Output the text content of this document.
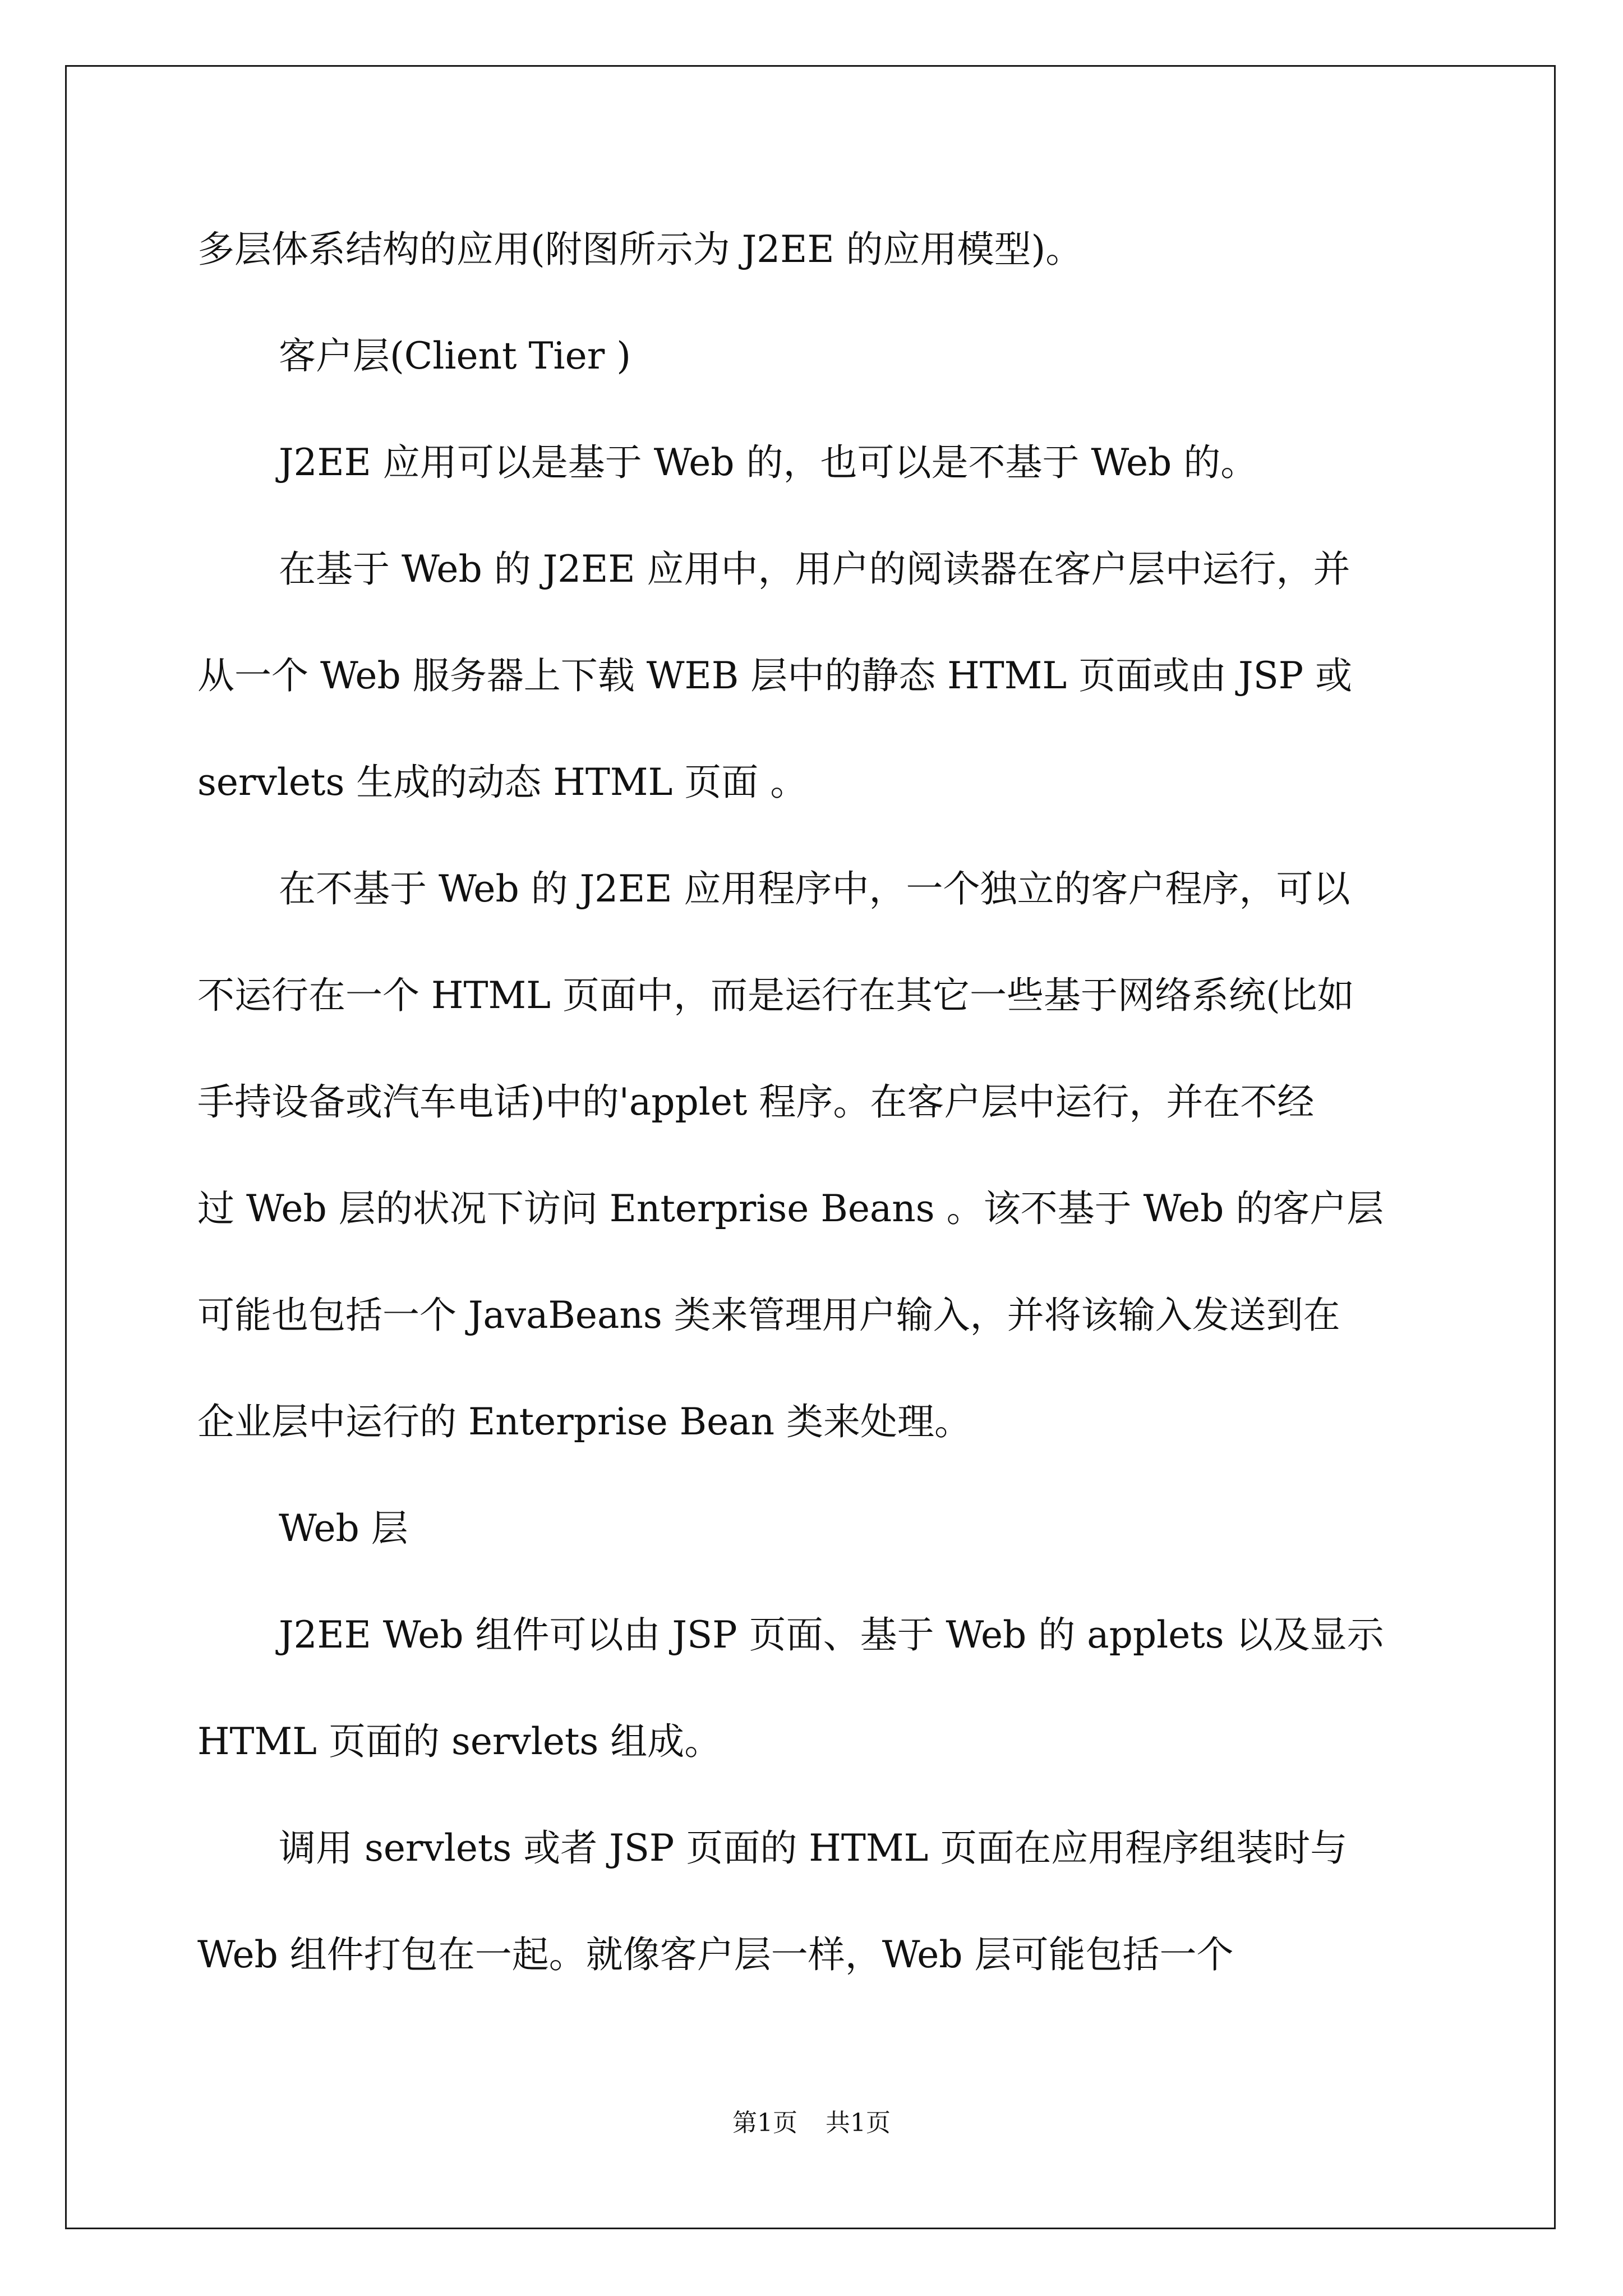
多层体系结构的应用(附图所示为 J2EE 的应用模型)。
客户层(Client Tier )
J2EE 应用可以是基于 Web 的，也可以是不基于 Web 的。
在基于 Web 的 J2EE 应用中，用户的阅读器在客户层中运行，并
从一个 Web 服务器上下载 WEB 层中的静态 HTML 页面或由 JSP 或
servlets 生成的动态 HTML 页面 。
在不基于 Web 的 J2EE 应用程序中，一个独立的客户程序，可以
不运行在一个 HTML 页面中，而是运行在其它一些基于网络系统(比如
手持设备或汽车电话)中的'applet 程序。在客户层中运行，并在不经
过 Web 层的状况下访问 Enterprise Beans 。该不基于 Web 的客户层
可能也包括一个 JavaBeans 类来管理用户输入，并将该输入发送到在
企业层中运行的 Enterprise Bean 类来处理。
Web 层
J2EE Web 组件可以由 JSP 页面、基于 Web 的 applets 以及显示
HTML 页面的 servlets 组成。
调用 servlets 或者 JSP 页面的 HTML 页面在应用程序组装时与
Web 组件打包在一起。就像客户层一样，Web 层可能包括一个
第1页 共1页
